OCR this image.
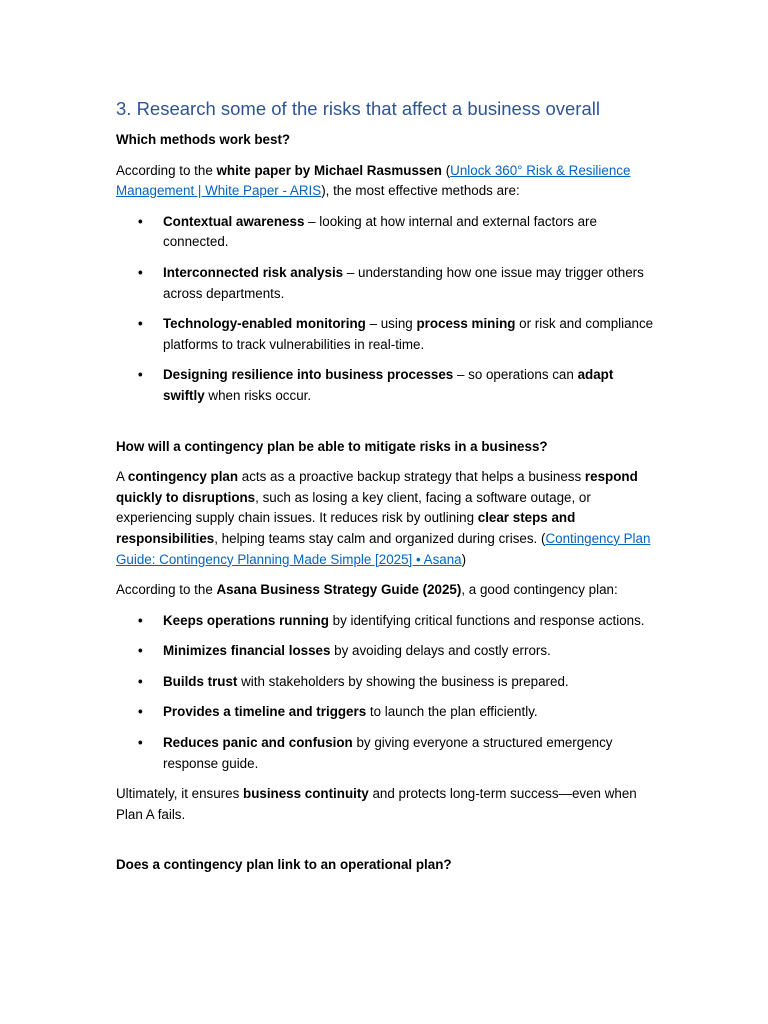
3. Research some of the risks that affect a business overall

Which methods work best?

According to the white paper by Michael Rasmussen (Unlock 360° Risk & Resilience Management | White Paper - ARIS), the most effective methods are:

• Contextual awareness – looking at how internal and external factors are connected.
• Interconnected risk analysis – understanding how one issue may trigger others across departments.
• Technology-enabled monitoring – using process mining or risk and compliance platforms to track vulnerabilities in real-time.
• Designing resilience into business processes – so operations can adapt swiftly when risks occur.

How will a contingency plan be able to mitigate risks in a business?

A contingency plan acts as a proactive backup strategy that helps a business respond quickly to disruptions, such as losing a key client, facing a software outage, or experiencing supply chain issues. It reduces risk by outlining clear steps and responsibilities, helping teams stay calm and organized during crises. (Contingency Plan Guide: Contingency Planning Made Simple [2025] • Asana)

According to the Asana Business Strategy Guide (2025), a good contingency plan:

• Keeps operations running by identifying critical functions and response actions.
• Minimizes financial losses by avoiding delays and costly errors.
• Builds trust with stakeholders by showing the business is prepared.
• Provides a timeline and triggers to launch the plan efficiently.
• Reduces panic and confusion by giving everyone a structured emergency response guide.

Ultimately, it ensures business continuity and protects long-term success—even when Plan A fails.

Does a contingency plan link to an operational plan?
